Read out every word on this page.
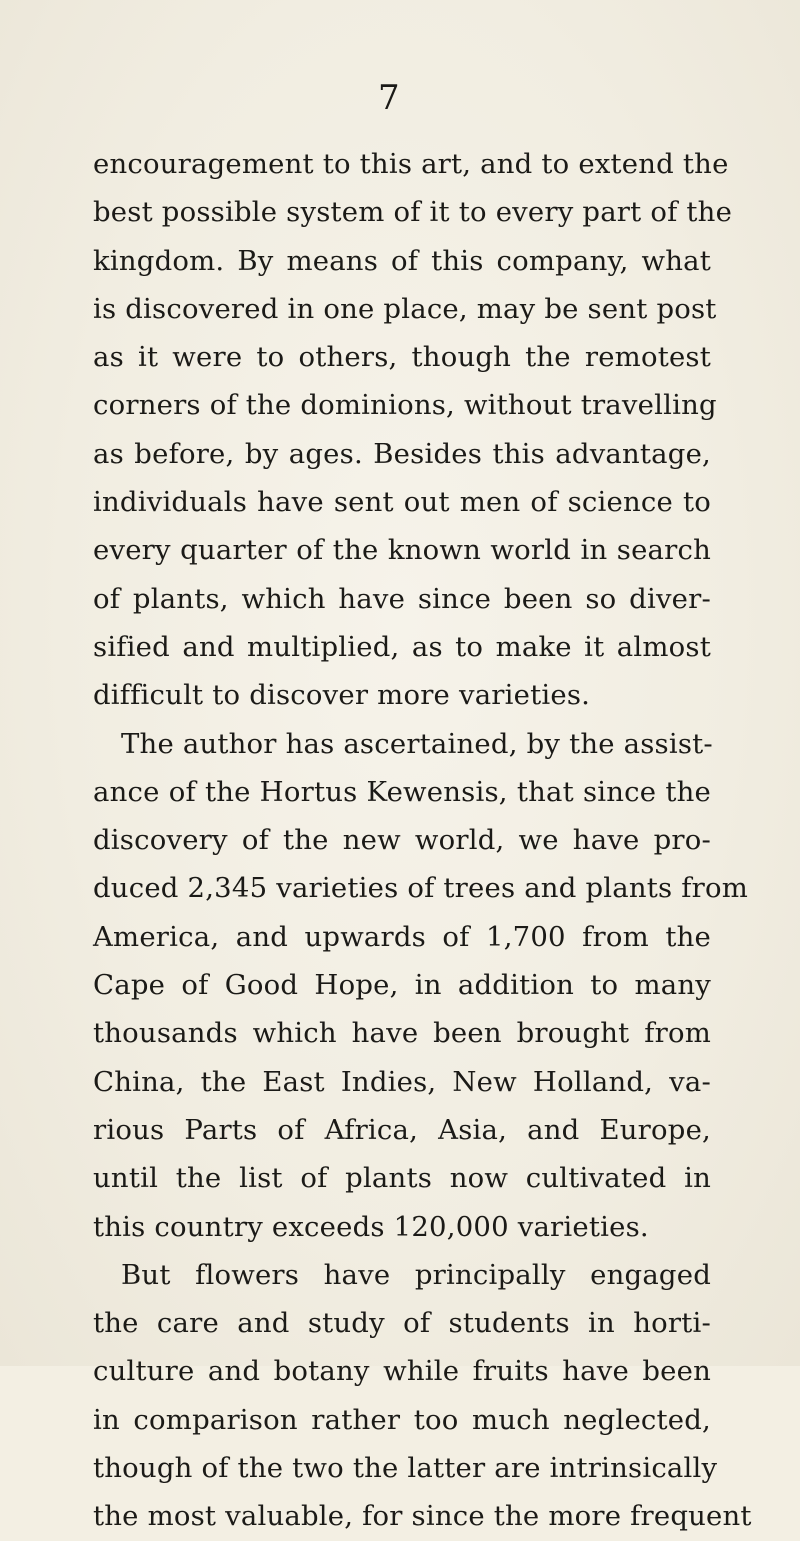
7
encouragement to this art, and to extend the
best possible system of it to every part of the
kingdom. By means of this company, what
is discovered in one place, may be sent post
as it were to others, though the remotest
corners of the dominions, without travelling
as before, by ages. Besides this advantage,
individuals have sent out men of science to
every quarter of the known world in search
of plants, which have since been so diver-
sified and multiplied, as to make it almost
difficult to discover more varieties.
The author has ascertained, by the assist-
ance of the Hortus Kewensis, that since the
discovery of the new world, we have pro-
duced 2,345 varieties of trees and plants from
America, and upwards of 1,700 from the
Cape of Good Hope, in addition to many
thousands which have been brought from
China, the East Indies, New Holland, va-
rious Parts of Africa, Asia, and Europe,
until the list of plants now cultivated in
this country exceeds 120,000 varieties.
But flowers have principally engaged
the care and study of students in horti-
culture and botany while fruits have been
in comparison rather too much neglected,
though of the two the latter are intrinsically
the most valuable, for since the more frequent
